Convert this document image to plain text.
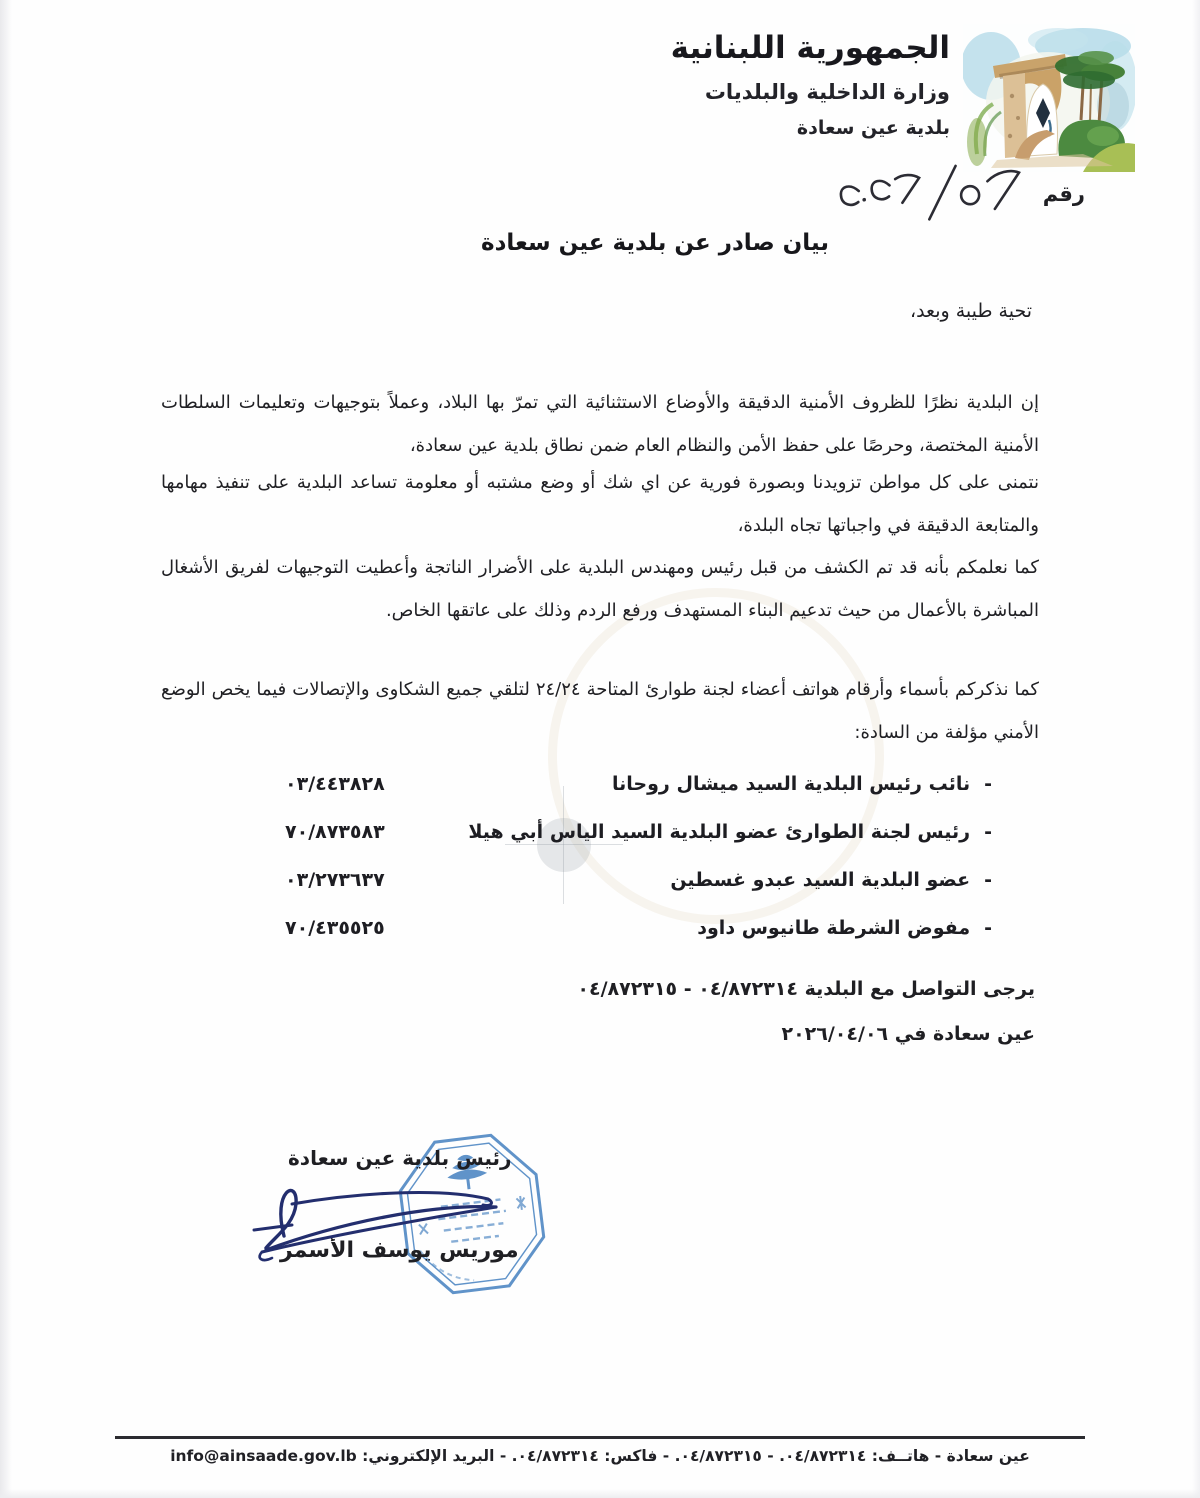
الجمهورية اللبنانية
وزارة الداخلية والبلديات
بلدية عين سعادة
رقم
بيان صادر عن بلدية عين سعادة
تحية طيبة وبعد،

إن البلدية نظرًا للظروف الأمنية الدقيقة والأوضاع الاستثنائية التي تمرّ بها البلاد، وعملاً بتوجيهات وتعليمات السلطات الأمنية المختصة، وحرصًا على حفظ الأمن والنظام العام ضمن نطاق بلدية عين سعادة،

نتمنى على كل مواطن تزويدنا وبصورة فورية عن اي شك أو وضع مشتبه أو معلومة تساعد البلدية على تنفيذ مهامها والمتابعة الدقيقة في واجباتها تجاه البلدة،

كما نعلمكم بأنه قد تم الكشف من قبل رئيس ومهندس البلدية على الأضرار الناتجة وأعطيت التوجيهات لفريق الأشغال المباشرة بالأعمال من حيث تدعيم البناء المستهدف ورفع الردم وذلك على عاتقها الخاص.

كما نذكركم بأسماء وأرقام هواتف أعضاء لجنة طوارئ المتاحة ٢٤/٢٤ لتلقي جميع الشكاوى والإتصالات فيما يخص الوضع الأمني مؤلفة من السادة:

-نائب رئيس البلدية السيد ميشال روحانا
٠٣/٤٤٣٨٢٨
-رئيس لجنة الطوارئ عضو البلدية السيد الياس أبي هيلا
٧٠/٨٧٣٥٨٣
-عضو البلدية السيد عبدو غسطين
٠٣/٢٧٣٦٣٧
-مفوض الشرطة طانيوس داود
٧٠/٤٣٥٥٢٥
يرجى التواصل مع البلدية ٠٤/٨٧٢٣١٤ - ٠٤/٨٧٢٣١٥
عين سعادة في ٢٠٢٦/٠٤/٠٦
رئيس بلدية عين سعادة
موريس يوسف الأسمر
عين سعادة - هاتــف: ٠٤/٨٧٢٣١٤. - ٠٤/٨٧٢٣١٥. - فاكس: ٠٤/٨٧٢٣١٤. - البريد الإلكتروني: info@ainsaade.gov.lb
